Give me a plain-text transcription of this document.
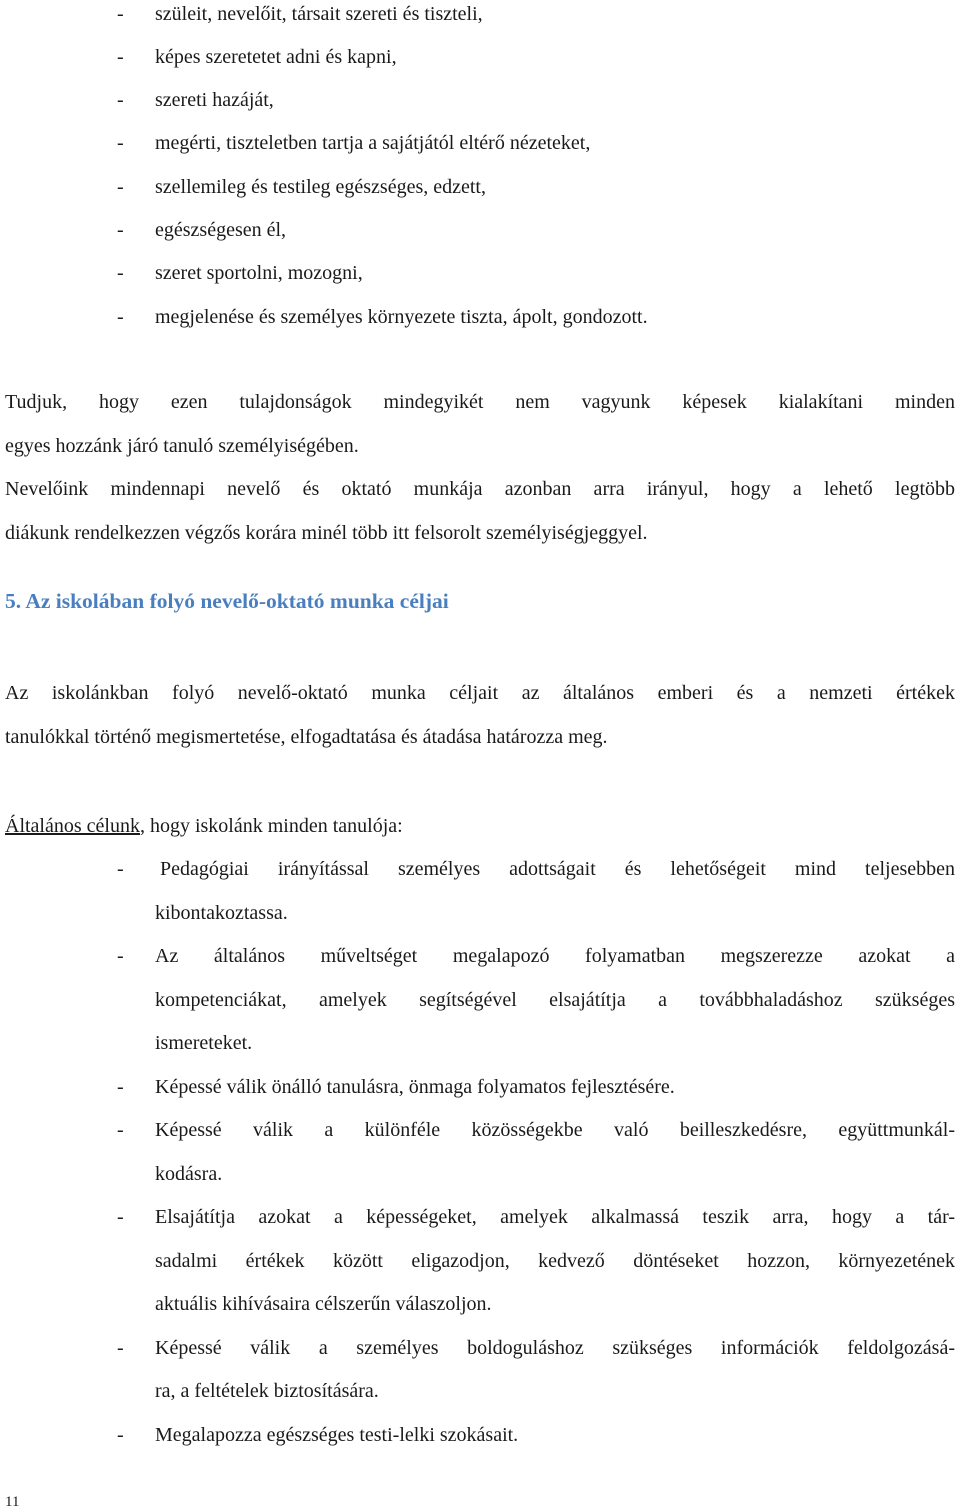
- szüleit, nevelőit, társait szereti és tiszteli,
- képes szeretetet adni és kapni,
- szereti hazáját,
- megérti, tiszteletben tartja a sajátjától eltérő nézeteket,
- szellemileg és testileg egészséges, edzett,
- egészségesen él,
- szeret sportolni, mozogni,
- megjelenése és személyes környezete tiszta, ápolt, gondozott.
Tudjuk, hogy ezen tulajdonságok mindegyikét nem vagyunk képesek kialakítani minden
egyes hozzánk járó tanuló személyiségében.
Nevelőink mindennapi nevelő és oktató munkája azonban arra irányul, hogy a lehető legtöbb
diákunk rendelkezzen végzős korára minél több itt felsorolt személyiségjeggyel.
5. Az iskolában folyó nevelő-oktató munka céljai
Az iskolánkban folyó nevelő-oktató munka céljait az általános emberi és a nemzeti értékek
tanulókkal történő megismertetése, elfogadtatása és átadása határozza meg.
Általános célunk, hogy iskolánk minden tanulója:
- Pedagógiai irányítással személyes adottságait és lehetőségeit mind teljesebben
kibontakoztassa.
- Az általános műveltséget megalapozó folyamatban megszerezze azokat a
kompetenciákat, amelyek segítségével elsajátítja a továbbhaladáshoz szükséges
ismereteket.
- Képessé válik önálló tanulásra, önmaga folyamatos fejlesztésére.
- Képessé válik a különféle közösségekbe való beilleszkedésre, együttmunkál-
kodásra.
- Elsajátítja azokat a képességeket, amelyek alkalmassá teszik arra, hogy a tár-
sadalmi értékek között eligazodjon, kedvező döntéseket hozzon, környezetének
aktuális kihívásaira célszerűn válaszoljon.
- Képessé válik a személyes boldoguláshoz szükséges információk feldolgozásá-
ra, a feltételek biztosítására.
- Megalapozza egészséges testi-lelki szokásait.
11
